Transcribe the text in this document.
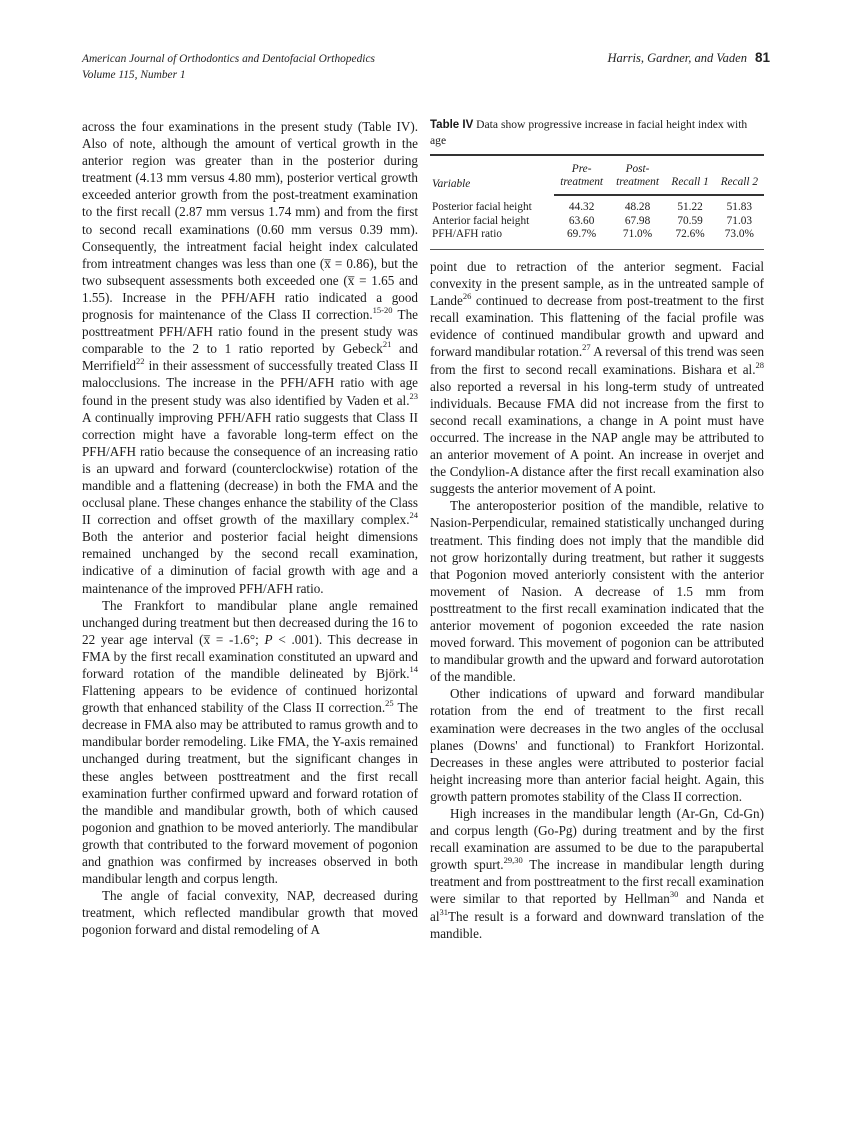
American Journal of Orthodontics and Dentofacial Orthopedics
Volume 115, Number 1
Harris, Gardner, and Vaden 81

across the four examinations in the present study (Table IV). Also of note, although the amount of vertical growth in the anterior region was greater than in the posterior during treatment (4.13 mm versus 4.80 mm), posterior vertical growth exceeded anterior growth from the post-treatment examination to the first recall (2.87 mm versus 1.74 mm) and from the first to second recall examinations (0.60 mm versus 0.39 mm). Consequently, the intreatment facial height index calculated from intreatment changes was less than one (x̅ = 0.86), but the two subsequent assessments both exceeded one (x̅ = 1.65 and 1.55). Increase in the PFH/AFH ratio indicated a good prognosis for maintenance of the Class II correction.$^{15-20}$ The posttreatment PFH/AFH ratio found in the present study was comparable to the 2 to 1 ratio reported by Gebeck$^{21}$ and Merrifield$^{22}$ in their assessment of successfully treated Class II malocclusions. The increase in the PFH/AFH ratio with age found in the present study was also identified by Vaden et al.$^{23}$ A continually improving PFH/AFH ratio suggests that Class II correction might have a favorable long-term effect on the PFH/AFH ratio because the consequence of an increasing ratio is an upward and forward (counterclockwise) rotation of the mandible and a flattening (decrease) in both the FMA and the occlusal plane. These changes enhance the stability of the Class II correction and offset growth of the maxillary complex.$^{24}$ Both the anterior and posterior facial height dimensions remained unchanged by the second recall examination, indicative of a diminution of facial growth with age and a maintenance of the improved PFH/AFH ratio.

The Frankfort to mandibular plane angle remained unchanged during treatment but then decreased during the 16 to 22 year age interval (x̅ = -1.6°; P < .001). This decrease in FMA by the first recall examination constituted an upward and forward rotation of the mandible delineated by Björk.$^{14}$ Flattening appears to be evidence of continued horizontal growth that enhanced stability of the Class II correction.$^{25}$ The decrease in FMA also may be attributed to ramus growth and to mandibular border remodeling. Like FMA, the Y-axis remained unchanged during treatment, but the significant changes in these angles between posttreatment and the first recall examination further confirmed upward and forward rotation of the mandible and mandibular growth, both of which caused pogonion and gnathion to be moved anteriorly. The mandibular growth that contributed to the forward movement of pogonion and gnathion was confirmed by increases observed in both mandibular length and corpus length.

The angle of facial convexity, NAP, decreased during treatment, which reflected mandibular growth that moved pogonion forward and distal remodeling of A

Table IV Data show progressive increase in facial height index with age
Variable	Pre-	Post-		
	treatment	treatment	Recall 1	Recall 2
Posterior facial height	44.32	48.28	51.22	51.83
Anterior facial height	63.60	67.98	70.59	71.03
PFH/AFH ratio	69.7%	71.0%	72.6%	73.0%

point due to retraction of the anterior segment. Facial convexity in the present sample, as in the untreated sample of Lande$^{26}$ continued to decrease from post-treatment to the first recall examination. This flattening of the facial profile was evidence of continued mandibular growth and upward and forward mandibular rotation.$^{27}$ A reversal of this trend was seen from the first to second recall examinations. Bishara et al.$^{28}$ also reported a reversal in his long-term study of untreated individuals. Because FMA did not increase from the first to second recall examinations, a change in A point must have occurred. The increase in the NAP angle may be attributed to an anterior movement of A point. An increase in overjet and the Condylion-A distance after the first recall examination also suggests the anterior movement of A point.

The anteroposterior position of the mandible, relative to Nasion-Perpendicular, remained statistically unchanged during treatment. This finding does not imply that the mandible did not grow horizontally during treatment, but rather it suggests that Pogonion moved anteriorly consistent with the anterior movement of Nasion. A decrease of 1.5 mm from posttreatment to the first recall examination indicated that the anterior movement of pogonion exceeded the rate nasion moved forward. This movement of pogonion can be attributed to mandibular growth and the upward and forward autorotation of the mandible.

Other indications of upward and forward mandibular rotation from the end of treatment to the first recall examination were decreases in the two angles of the occlusal planes (Downs' and functional) to Frankfort Horizontal. Decreases in these angles were attributed to posterior facial height increasing more than anterior facial height. Again, this growth pattern promotes stability of the Class II correction.

High increases in the mandibular length (Ar-Gn, Cd-Gn) and corpus length (Go-Pg) during treatment and by the first recall examination are assumed to be due to the parapubertal growth spurt.$^{29,30}$ The increase in mandibular length during treatment and from posttreatment to the first recall examination were similar to that reported by Hellman$^{30}$ and Nanda et $al^{31}The$ result is a forward and downward translation of the mandible.
